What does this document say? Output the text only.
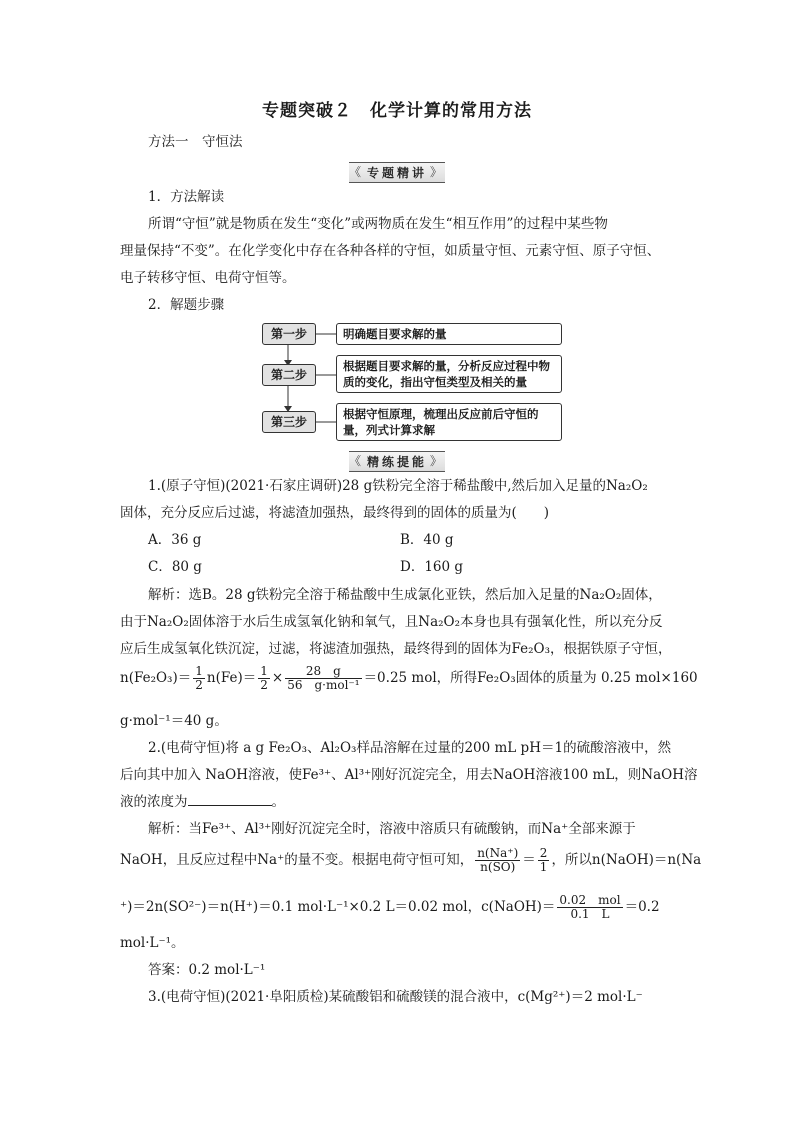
专题突破２　化学计算的常用方法
方法一　守恒法
《 专题精讲 》
1．方法解读
所谓“守恒”就是物质在发生“变化”或两物质在发生“相互作用”的过程中某些物
理量保持“不变”。在化学变化中存在各种各样的守恒，如质量守恒、元素守恒、原子守恒、
电子转移守恒、电荷守恒等。
2．解题步骤
第一步	明确题目要求解的量
第二步
根据题目要求解的量，分析反应过程中物质的变化，指出守恒类型及相关的量
第三步
根据守恒原理，梳理出反应前后守恒的量，列式计算求解
《 精练提能 》
1.(原子守恒)(2021·石家庄调研)28 g铁粉完全溶于稀盐酸中,然后加入足量的Na₂O₂
固体，充分反应后过滤，将滤渣加强热，最终得到的固体的质量为(　　)
A．36 g	B．40 g
C．80 g	D．160 g
解析：选B。28 g铁粉完全溶于稀盐酸中生成氯化亚铁，然后加入足量的Na₂O₂固体，
由于Na₂O₂固体溶于水后生成氢氧化钠和氧气，且Na₂O₂本身也具有强氧化性，所以充分反
应后生成氢氧化铁沉淀，过滤，将滤渣加强热，最终得到的固体为Fe₂O₃，根据铁原子守恒，
$n(Fe_2O_3)= \frac{1}{2} n(Fe)= \frac{1}{2} \times \frac{28 g}{\text{56　g·mol⁻¹}} =0.25$ mol，所得Fe₂O₃固体的质量为 0.25 mol×160
g·mol⁻¹＝40 g。
2.(电荷守恒)将 a g Fe₂O₃、Al₂O₃样品溶解在过量的200 mL pH＝1的硫酸溶液中，然
后向其中加入 NaOH溶液，使Fe³⁺、Al³⁺刚好沉淀完全，用去NaOH溶液100 mL，则NaOH溶
液的浓度为	。
解析：当Fe³⁺、Al³⁺刚好沉淀完全时，溶液中溶质只有硫酸钠，而Na⁺全部来源于
NaOH，且反应过程中Na⁺的量不变。根据电荷守恒可知， $\frac{n(Na^+)}{n(SO)} = \frac{2}{1}$ ，所以n(NaOH)＝n(Na
⁺)＝2n(SO²⁻)＝n(H⁺)＝0.1 mol·L⁻¹×0.2 L＝0.02 mol，c(NaOH)＝ $\frac{\text{0.02　mol}}{0.1 L} =0.2$
mol·L⁻¹。
答案：0.2 mol·L⁻¹
3.(电荷守恒)(2021·阜阳质检)某硫酸铝和硫酸镁的混合液中，c(Mg²⁺)＝2 mol·L⁻
